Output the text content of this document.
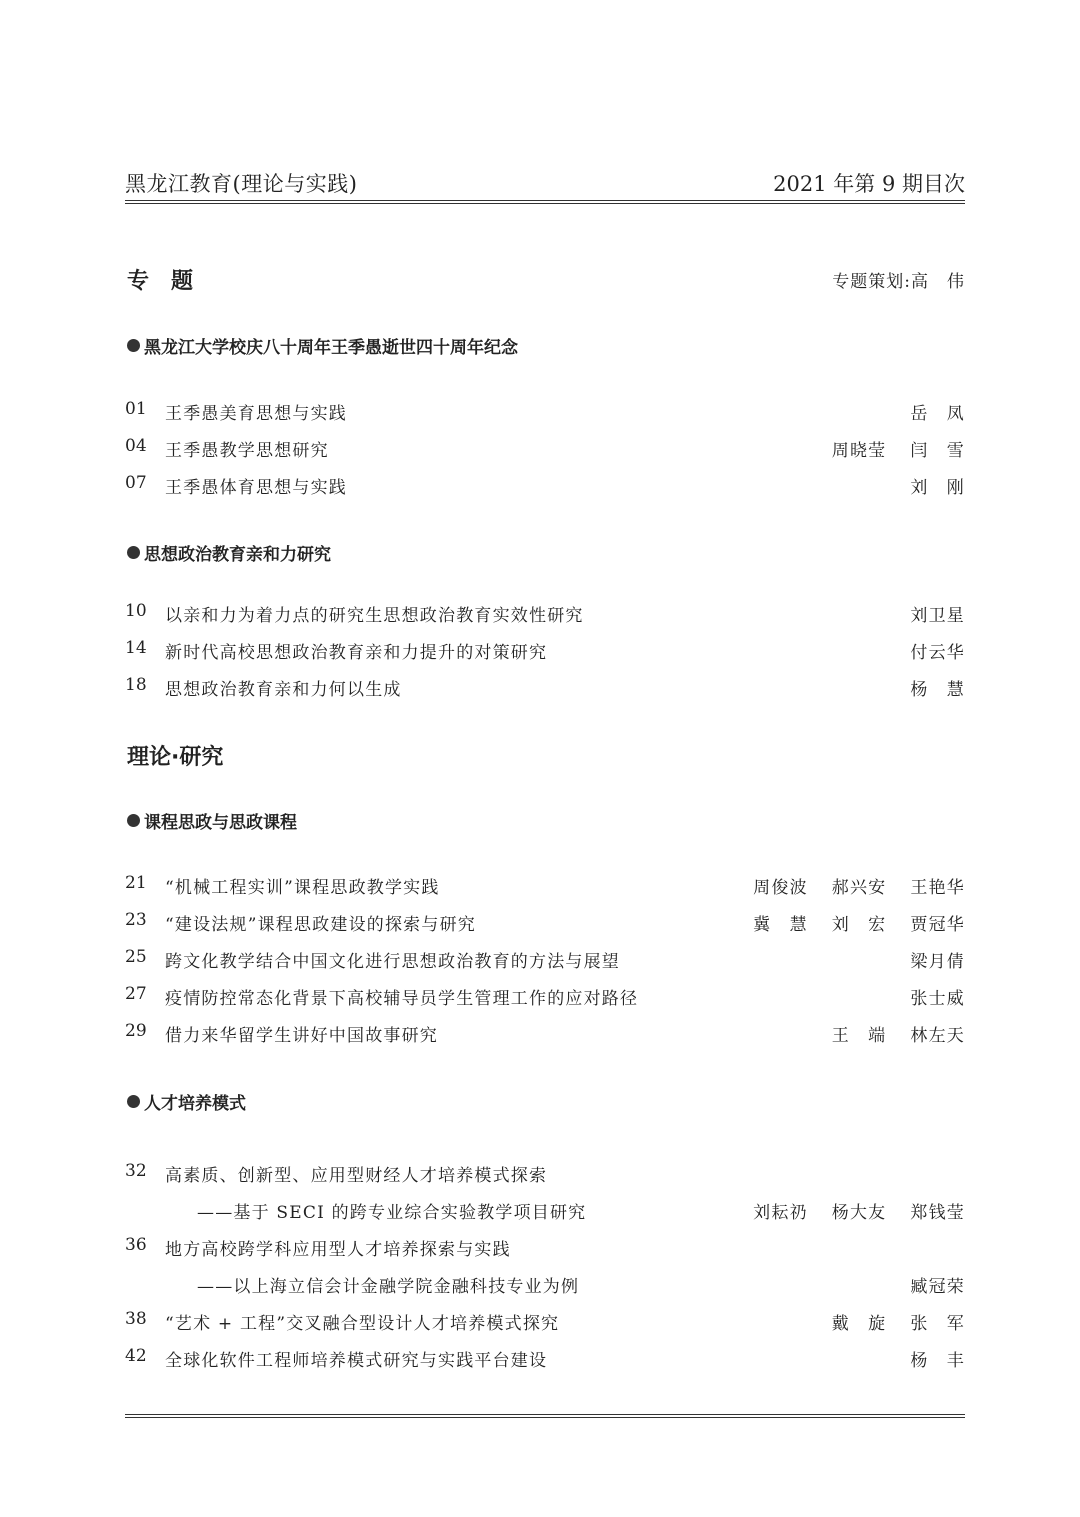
黑龙江教育(理论与实践)	2021 年第 9 期目次
专　题	专题策划:高　伟
黑龙江大学校庆八十周年王季愚逝世四十周年纪念
01	王季愚美育思想与实践	岳　凤
04	王季愚教学思想研究	周晓莹 闫　雪
07	王季愚体育思想与实践	刘　刚
思想政治教育亲和力研究
10	以亲和力为着力点的研究生思想政治教育实效性研究	刘卫星
14	新时代高校思想政治教育亲和力提升的对策研究	付云华
18	思想政治教育亲和力何以生成	杨　慧
理论·研究
课程思政与思政课程
21	“机械工程实训”课程思政教学实践	周俊波 郝兴安 王艳华
23	“建设法规”课程思政建设的探索与研究	冀　慧 刘　宏 贾冠华
25	跨文化教学结合中国文化进行思想政治教育的方法与展望	梁月倩
27	疫情防控常态化背景下高校辅导员学生管理工作的应对路径	张士威
29	借力来华留学生讲好中国故事研究	王　端 林左天
人才培养模式
32	高素质、创新型、应用型财经人才培养模式探索
——基于 SECI 的跨专业综合实验教学项目研究	刘耘礽 杨大友 郑钱莹
36	地方高校跨学科应用型人才培养探索与实践
——以上海立信会计金融学院金融科技专业为例	臧冠荣
38	“艺术 + 工程”交叉融合型设计人才培养模式探究	戴　旋 张　军
42	全球化软件工程师培养模式研究与实践平台建设	杨　丰
